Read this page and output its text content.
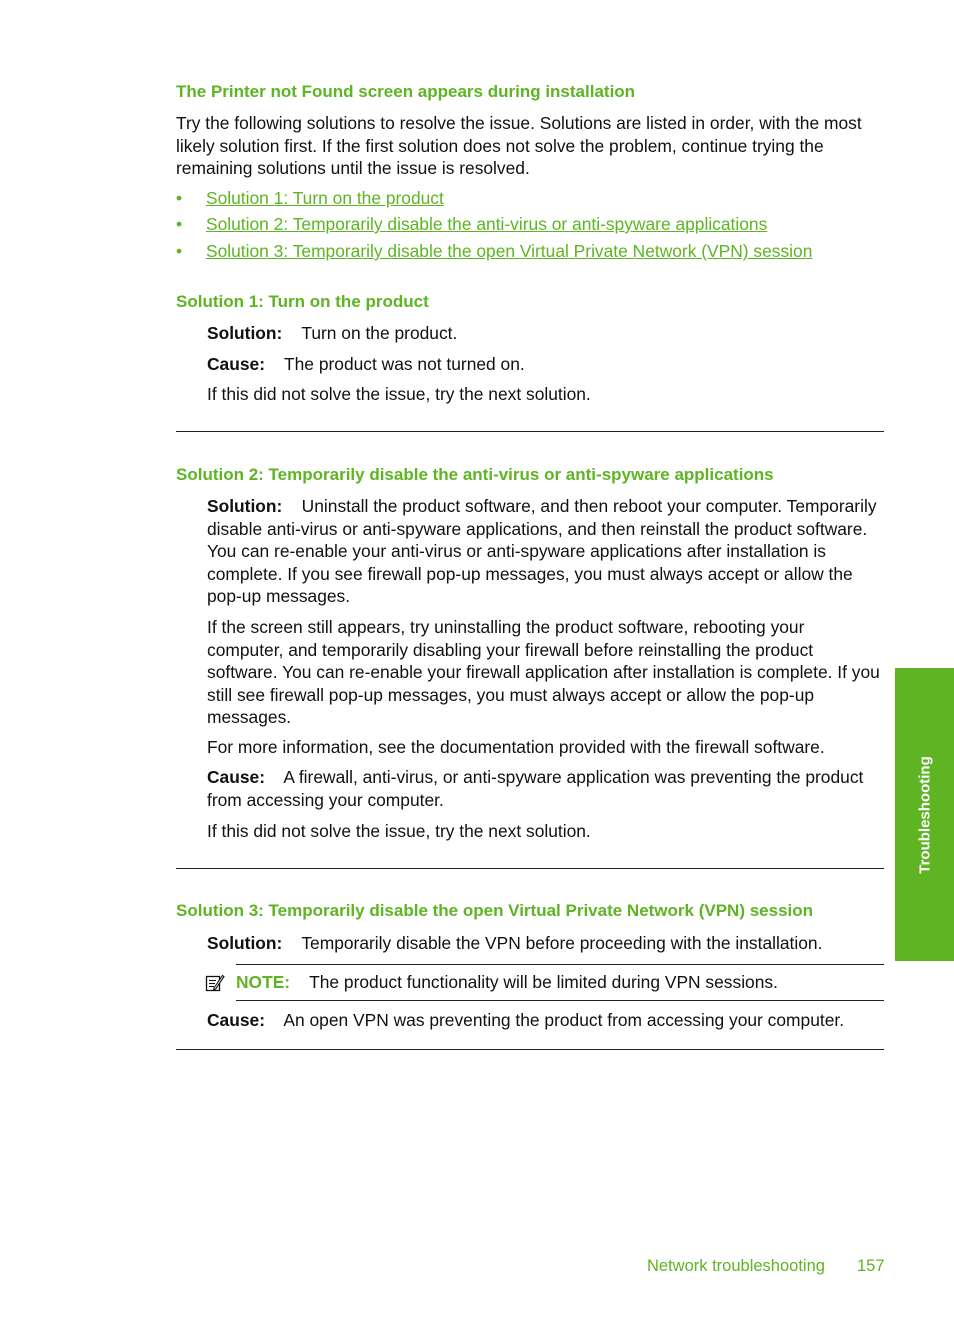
The Printer not Found screen appears during installation

Try the following solutions to resolve the issue. Solutions are listed in order, with the most likely solution first. If the first solution does not solve the problem, continue trying the remaining solutions until the issue is resolved.

• Solution 1: Turn on the product
• Solution 2: Temporarily disable the anti-virus or anti-spyware applications
• Solution 3: Temporarily disable the open Virtual Private Network (VPN) session
Solution 1: Turn on the product

Solution: Turn on the product.

Cause: The product was not turned on.

If this did not solve the issue, try the next solution.

Solution 2: Temporarily disable the anti-virus or anti-spyware applications

Solution: Uninstall the product software, and then reboot your computer. Temporarily disable anti-virus or anti-spyware applications, and then reinstall the product software. You can re-enable your anti-virus or anti-spyware applications after installation is complete. If you see firewall pop-up messages, you must always accept or allow the pop-up messages.

If the screen still appears, try uninstalling the product software, rebooting your computer, and temporarily disabling your firewall before reinstalling the product software. You can re-enable your firewall application after installation is complete. If you still see firewall pop-up messages, you must always accept or allow the pop-up messages.

For more information, see the documentation provided with the firewall software.

Cause: A firewall, anti-virus, or anti-spyware application was preventing the product from accessing your computer.

If this did not solve the issue, try the next solution.

Solution 3: Temporarily disable the open Virtual Private Network (VPN) session

Solution: Temporarily disable the VPN before proceeding with the installation.

NOTE: The product functionality will be limited during VPN sessions.

Cause: An open VPN was preventing the product from accessing your computer.

Troubleshooting
Network troubleshooting 157
